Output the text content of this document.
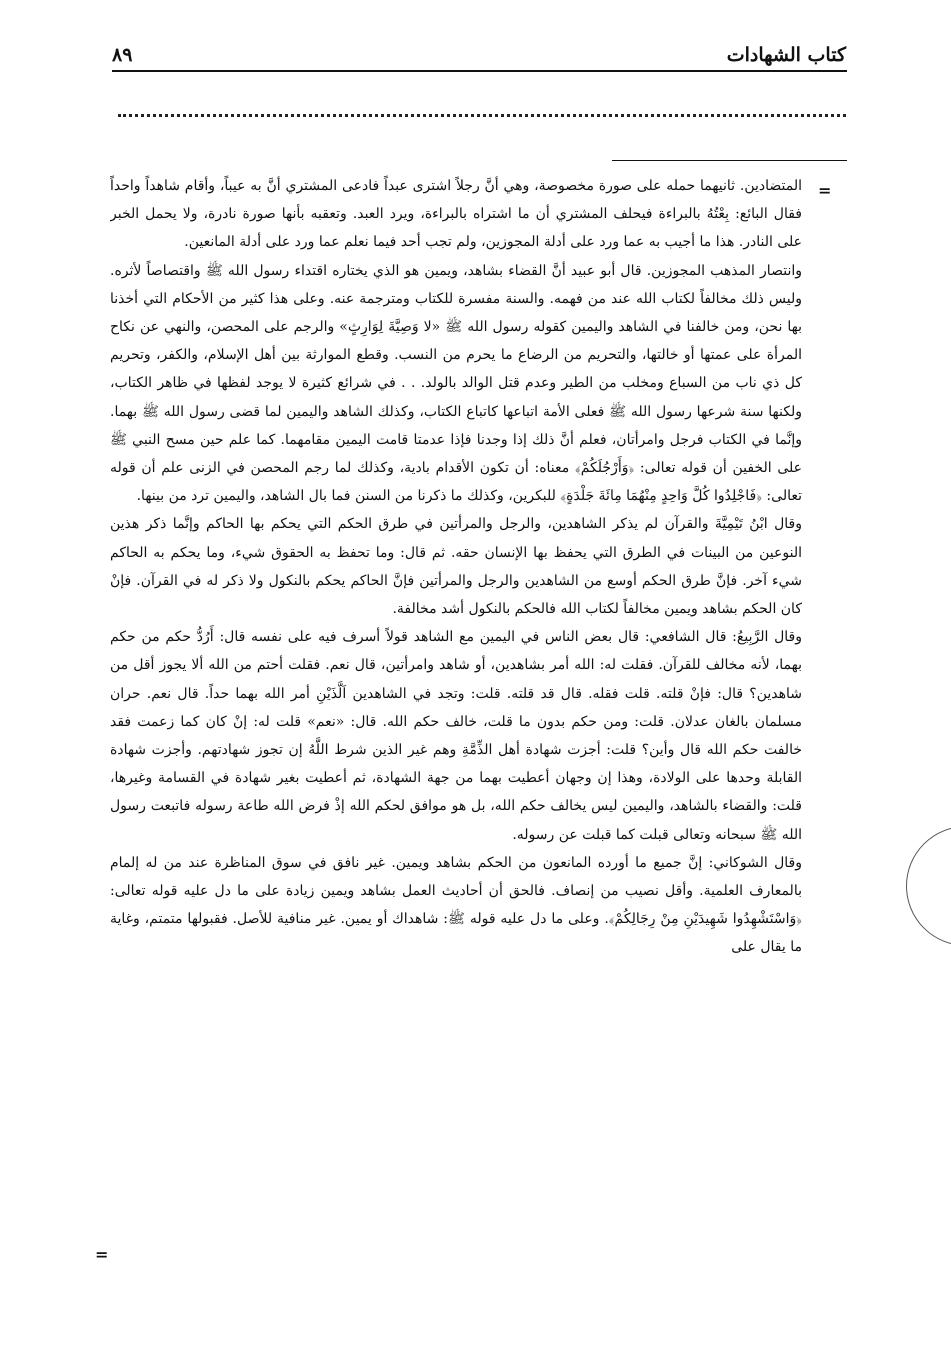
كتاب الشهادات
٨٩
=
=

المتضادين. ثانيهما حمله على صورة مخصوصة، وهي أنَّ رجلاً اشترى عبداً فادعى المشتري أنَّ به عيباً، وأقام شاهداً واحداً فقال البائع: بِعْتُهُ بالبراءة فيحلف المشتري أن ما اشتراه بالبراءة، ويرد العبد. وتعقبه بأنها صورة نادرة، ولا يحمل الخبر على النادر. هذا ما أجيب به عما ورد على أدلة المجوزين، ولم تجب أحد فيما نعلم عما ورد على أدلة المانعين.

وانتصار المذهب المجوزين. قال أبو عبيد أنَّ القضاء بشاهد، ويمين هو الذي يختاره اقتداء رسول الله ﷺ واقتصاصاً لأثره. وليس ذلك مخالفاً لكتاب الله عند من فهمه. والسنة مفسرة للكتاب ومترجمة عنه. وعلى هذا كثير من الأحكام التي أخذنا بها نحن، ومن خالفنا في الشاهد واليمين كقوله رسول الله ﷺ «لا وَصِيَّةَ لِوَارِثٍ» والرجم على المحصن، والنهي عن نكاح المرأة على عمتها أو خالتها، والتحريم من الرضاع ما يحرم من النسب. وقطع الموارثة بين أهل الإسلام، والكفر، وتحريم كل ذي ناب من السباع ومخلب من الطير وعدم قتل الوالد بالولد. . . في شرائع كثيرة لا يوجد لفظها في ظاهر الكتاب، ولكنها سنة شرعها رسول الله ﷺ فعلى الأمة اتباعها كاتباع الكتاب، وكذلك الشاهد واليمين لما قضى رسول الله ﷺ بهما. وإنَّما في الكتاب فرجل وامرأتان، فعلم أنَّ ذلك إذا وجدنا فإذا عدمتا قامت اليمين مقامهما. كما علم حين مسح النبي ﷺ على الخفين أن قوله تعالى: ﴿وَأَرْجُلَكُمْ﴾ معناه: أن تكون الأقدام بادية، وكذلك لما رجم المحصن في الزنى علم أن قوله تعالى: ﴿فَاجْلِدُوا كُلَّ وَاحِدٍ مِنْهُمَا مِائَةَ جَلْدَةٍ﴾ للبكرين، وكذلك ما ذكرنا من السنن فما بال الشاهد، واليمين ترد من بينها.

وقال ابْنُ تَيْمِيَّةَ والقرآن لم يذكر الشاهدين، والرجل والمرأتين في طرق الحكم التي يحكم بها الحاكم وإنَّما ذكر هذين النوعين من البينات في الطرق التي يحفظ بها الإنسان حقه. ثم قال: وما تحفظ به الحقوق شيء، وما يحكم به الحاكم شيء آخر. فإنَّ طرق الحكم أوسع من الشاهدين والرجل والمرأتين فإنَّ الحاكم يحكم بالنكول ولا ذكر له في القرآن. فإنْ كان الحكم بشاهد ويمين مخالفاً لكتاب الله فالحكم بالنكول أشد مخالفة.

وقال الرَّبِيعُ: قال الشافعي: قال بعض الناس في اليمين مع الشاهد قولاً أسرف فيه على نفسه قال: أَرُدُّ حكم من حكم بهما، لأنه مخالف للقرآن. فقلت له: الله أمر بشاهدين، أو شاهد وامرأتين، قال نعم. فقلت أحتم من الله ألا يجوز أقل من شاهدين؟ قال: فإنْ قلته. قلت فقله. قال قد قلته. قلت: وتجد في الشاهدين اَلَّذَيْنِ أمر الله بهما حداً. قال نعم. حران مسلمان بالغان عدلان. قلت: ومن حكم بدون ما قلت، خالف حكم الله. قال: «نعم» قلت له: إنْ كان كما زعمت فقد خالفت حكم الله قال وأين؟ قلت: أجزت شهادة أهل الذِّمَّةِ وهم غير الذين شرط اللَّهُ إن تجوز شهادتهم. وأجزت شهادة القابلة وحدها على الولادة، وهذا إن وجهان أعطيت بهما من جهة الشهادة، ثم أعطيت بغير شهادة في القسامة وغيرها، قلت: والقضاء بالشاهد، واليمين ليس يخالف حكم الله، بل هو موافق لحكم الله إذْ فرض الله طاعة رسوله فاتبعت رسول الله ﷺ سبحانه وتعالى قبلت كما قبلت عن رسوله.

وقال الشوكاني: إنَّ جميع ما أورده المانعون من الحكم بشاهد ويمين. غير نافق في سوق المناظرة عند من له إلمام بالمعارف العلمية. وأقل نصيب من إنصاف. فالحق أن أحاديث العمل بشاهد ويمين زيادة على ما دل عليه قوله تعالى: ﴿وَاسْتَشْهِدُوا شَهِيدَيْنِ مِنْ رِجَالِكُمْ﴾. وعلى ما دل عليه قوله ﷺ: شاهداك أو يمين. غير منافية للأصل. فقبولها متمتم، وغاية ما يقال على
